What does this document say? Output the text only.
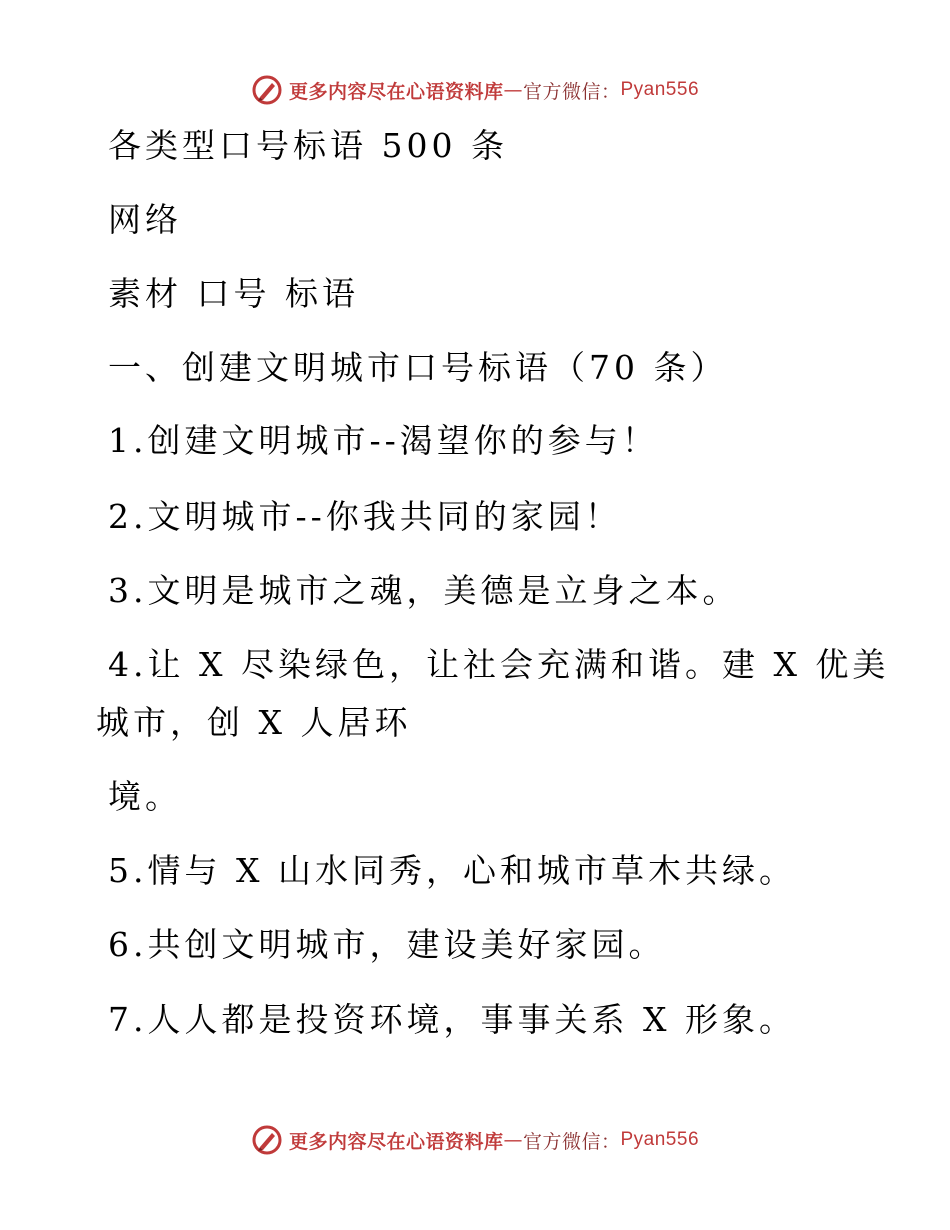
更多内容尽在心语资料库 — 官方微信： Pyan556
各类型口号标语 500 条
网络
素材 口号 标语
一、创建文明城市口号标语（70 条）
1.创建文明城市--渴望你的参与！
2.文明城市--你我共同的家园！
3.文明是城市之魂，美德是立身之本。
4.让 X 尽染绿色，让社会充满和谐。建 X 优美
城市，创 X 人居环
境。
5.情与 X 山水同秀，心和城市草木共绿。
6.共创文明城市，建设美好家园。
7.人人都是投资环境，事事关系 X 形象。
更多内容尽在心语资料库 — 官方微信： Pyan556
